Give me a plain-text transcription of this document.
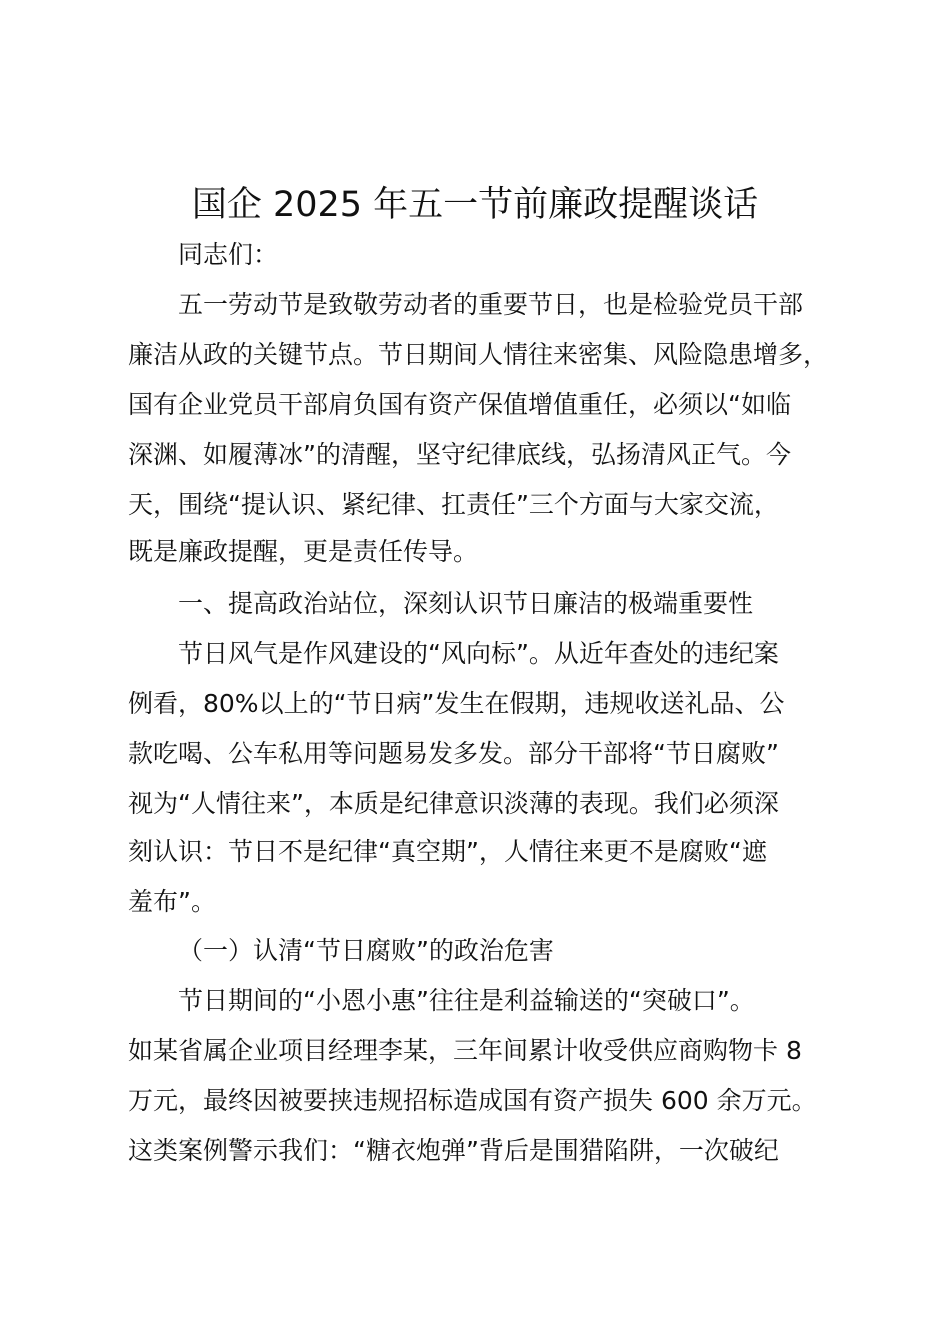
国企 2025 年五一节前廉政提醒谈话
同志们：
五一劳动节是致敬劳动者的重要节日，也是检验党员干部
廉洁从政的关键节点。节日期间人情往来密集、风险隐患增多，
国有企业党员干部肩负国有资产保值增值重任，必须以“如临
深渊、如履薄冰”的清醒，坚守纪律底线，弘扬清风正气。今
天，围绕“提认识、紧纪律、扛责任”三个方面与大家交流，
既是廉政提醒，更是责任传导。
一、提高政治站位，深刻认识节日廉洁的极端重要性
节日风气是作风建设的“风向标”。从近年查处的违纪案
例看，80%以上的“节日病”发生在假期，违规收送礼品、公
款吃喝、公车私用等问题易发多发。部分干部将“节日腐败”
视为“人情往来”，本质是纪律意识淡薄的表现。我们必须深
刻认识：节日不是纪律“真空期”，人情往来更不是腐败“遮
羞布”。
（一）认清“节日腐败”的政治危害
节日期间的“小恩小惠”往往是利益输送的“突破口”。
如某省属企业项目经理李某，三年间累计收受供应商购物卡 8
万元，最终因被要挟违规招标造成国有资产损失 600 余万元。
这类案例警示我们：“糖衣炮弹”背后是围猎陷阱，一次破纪
